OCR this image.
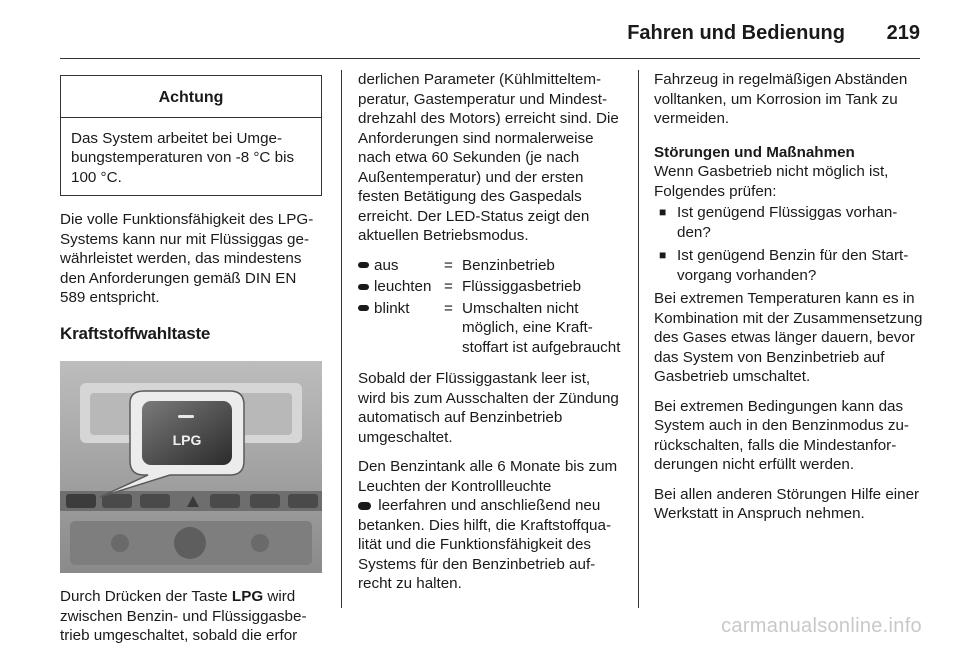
Fahren und Bedienung 219
Achtung
Das System arbeitet bei Umgebungstemperaturen von -8 °C bis 100 °C.

Die volle Funktionsfähigkeit des LPG-Systems kann nur mit Flüssiggas gewährleistet werden, das mindestens den Anforderungen gemäß DIN EN 589 entspricht.

Kraftstoffwahltaste
LPG

Durch Drücken der Taste LPG wird zwischen Benzin- und Flüssiggasbetrieb umgeschaltet, sobald die erfor

derlichen Parameter (Kühlmitteltemperatur, Gastemperatur und Mindestdrehzahl des Motors) erreicht sind. Die Anforderungen sind normalerweise nach etwa 60 Sekunden (je nach Außentemperatur) und der ersten festen Betätigung des Gaspedals erreicht. Der LED-Status zeigt den aktuellen Betriebsmodus.

aus	= Benzinbetrieb
leuchten = Flüssiggasbetrieb
blinkt	= Umschalten nicht möglich, eine Kraftstoffart ist aufgebraucht

Sobald der Flüssiggastank leer ist, wird bis zum Ausschalten der Zündung automatisch auf Benzinbetrieb umgeschaltet.

Den Benzintank alle 6 Monate bis zum Leuchten der Kontrollleuchte
leerfahren und anschließend neu betanken. Dies hilft, die Kraftstoffqualität und die Funktionsfähigkeit des Systems für den Benzinbetrieb aufrecht zu halten.

Fahrzeug in regelmäßigen Abständen volltanken, um Korrosion im Tank zu vermeiden.

Störungen und Maßnahmen
Wenn Gasbetrieb nicht möglich ist, Folgendes prüfen:
■ Ist genügend Flüssiggas vorhanden?
■ Ist genügend Benzin für den Startvorgang vorhanden?

Bei extremen Temperaturen kann es in Kombination mit der Zusammensetzung des Gases etwas länger dauern, bevor das System von Benzinbetrieb auf Gasbetrieb umschaltet.

Bei extremen Bedingungen kann das System auch in den Benzinmodus zurückschalten, falls die Mindestanforderungen nicht erfüllt werden.

Bei allen anderen Störungen Hilfe einer Werkstatt in Anspruch nehmen.

carmanualsonline.info
